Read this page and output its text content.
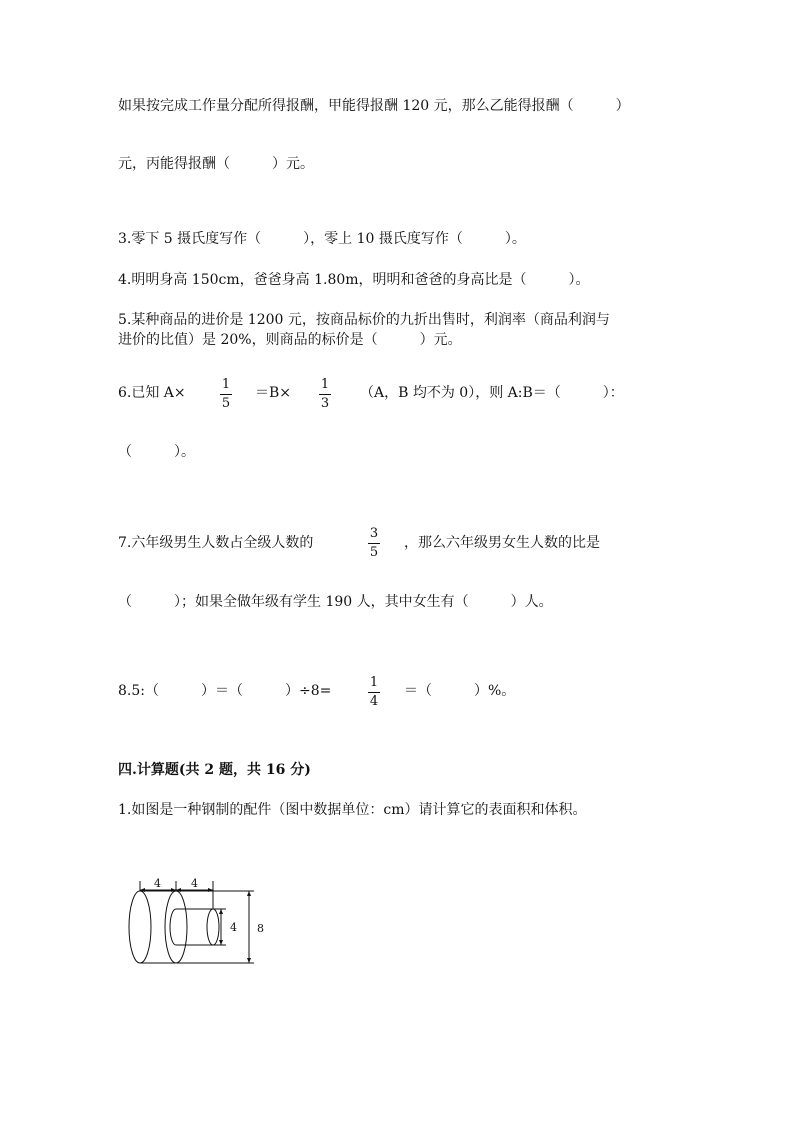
如果按完成工作量分配所得报酬，甲能得报酬 120 元，那么乙能得报酬（　　　）
元，丙能得报酬（　　　）元。
3.零下 5 摄氏度写作（　　　），零上 10 摄氏度写作（　　　）。
4.明明身高 150cm，爸爸身高 1.80m，明明和爸爸的身高比是（　　　）。
5.某种商品的进价是 1200 元，按商品标价的九折出售时，利润率（商品利润与
进价的比值）是 20%，则商品的标价是（　　　）元。
6.已知 A×
1
5
＝B×
1
3
（A，B 均不为 0），则 A:B＝（　　　）：
（　　　）。
7.六年级男生人数占全级人数的
3
5
，那么六年级男女生人数的比是
（　　　）；如果全做年级有学生 190 人，其中女生有（　　　）人。
8.5:（　　　）＝（　　　）÷8=
1
4
＝（　　　）%。
四.计算题(共 2 题，共 16 分)
1.如图是一种钢制的配件（图中数据单位：cm）请计算它的表面积和体积。
4	4
4 8
